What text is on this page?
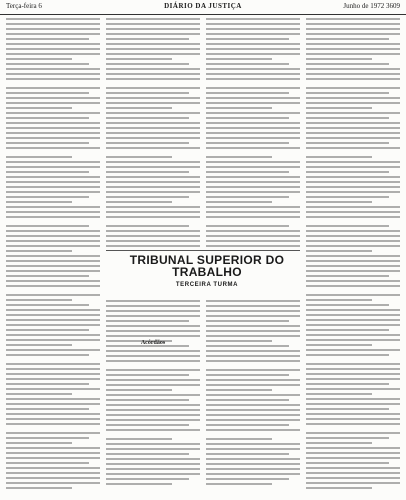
Terça-feira 6	DIÁRIO DA JUSTIÇA	Junho de 1972 3609
TRIBUNAL SUPERIOR DO TRABALHO
TERCEIRA TURMA
Acórdãos
